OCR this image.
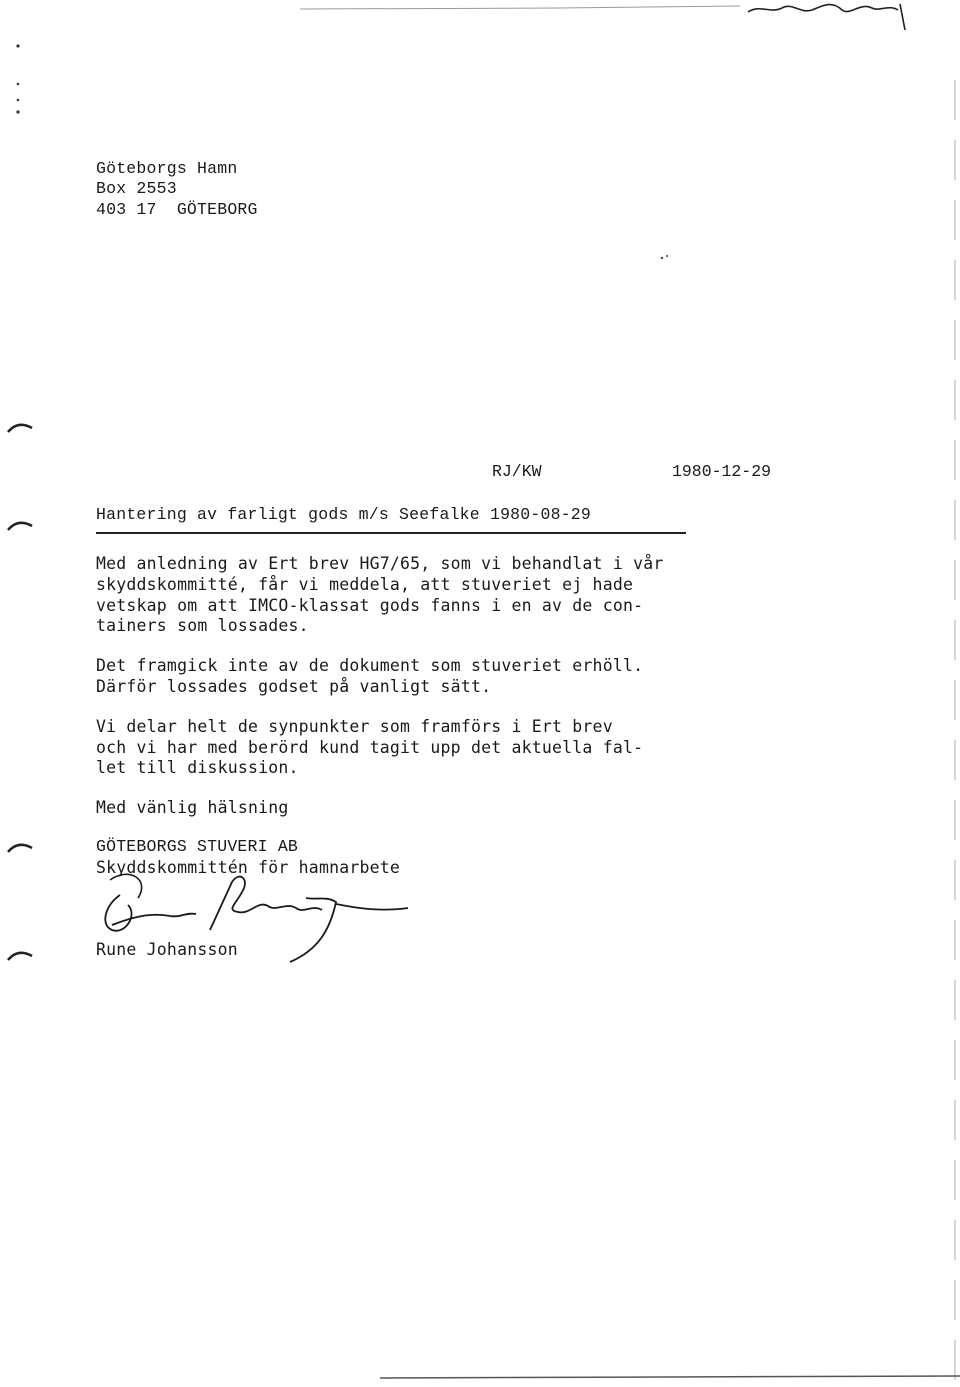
Göteborgs Hamn
Box 2553
403 17  GÖTEBORG
RJ/KW	1980-12-29
Hantering av farligt gods m/s Seefalke 1980-08-29
Med anledning av Ert brev HG7/65, som vi behandlat i vår
skyddskommitté, får vi meddela, att stuveriet ej hade
vetskap om att IMCO-klassat gods fanns i en av de con-
tainers som lossades.
Det framgick inte av de dokument som stuveriet erhöll.
Därför lossades godset på vanligt sätt.
Vi delar helt de synpunkter som framförs i Ert brev
och vi har med berörd kund tagit upp det aktuella fal-
let till diskussion.
Med vänlig hälsning
GÖTEBORGS STUVERI AB
Skyddskommittén för hamnarbete
Rune Johansson
